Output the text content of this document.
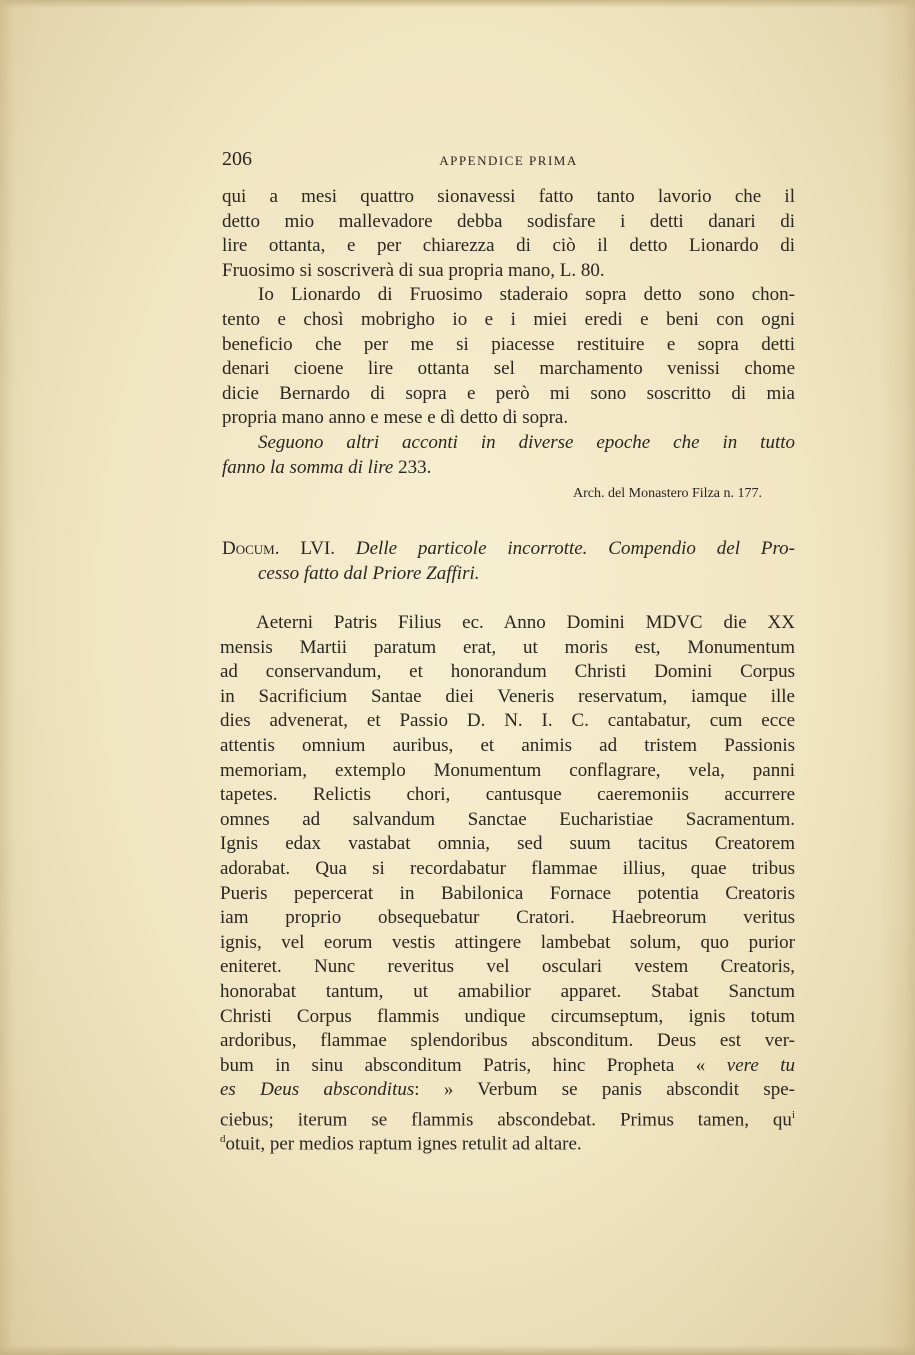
206	APPENDICE PRIMA
qui a mesi quattro sionavessi fatto tanto lavorio che il
detto mio mallevadore debba sodisfare i detti danari di
lire ottanta, e per chiarezza di ciò il detto Lionardo di
Fruosimo si soscriverà di sua propria mano, L. 80.
Io Lionardo di Fruosimo staderaio sopra detto sono chon-
tento e chosì mobrigho io e i miei eredi e beni con ogni
beneficio che per me si piacesse restituire e sopra detti
denari cioene lire ottanta sel marchamento venissi chome
dicie Bernardo di sopra e però mi sono soscritto di mia
propria mano anno e mese e dì detto di sopra.
Seguono altri acconti in diverse epoche che in tutto
fanno la somma di lire 233.
Arch. del Monastero Filza n. 177.
Docum. LVI. Delle particole incorrotte. Compendio del Pro-
cesso fatto dal Priore Zaffiri.
Aeterni Patris Filius ec. Anno Domini MDVC die XX
mensis Martii paratum erat, ut moris est, Monumentum
ad conservandum, et honorandum Christi Domini Corpus
in Sacrificium Santae diei Veneris reservatum, iamque ille
dies advenerat, et Passio D. N. I. C. cantabatur, cum ecce
attentis omnium auribus, et animis ad tristem Passionis
memoriam, extemplo Monumentum conflagrare, vela, panni
tapetes. Relictis chori, cantusque caeremoniis accurrere
omnes ad salvandum Sanctae Eucharistiae Sacramentum.
Ignis edax vastabat omnia, sed suum tacitus Creatorem
adorabat. Qua si recordabatur flammae illius, quae tribus
Pueris pepercerat in Babilonica Fornace potentia Creatoris
iam proprio obsequebatur Cratori. Haebreorum veritus
ignis, vel eorum vestis attingere lambebat solum, quo purior
eniteret. Nunc reveritus vel osculari vestem Creatoris,
honorabat tantum, ut amabilior apparet. Stabat Sanctum
Christi Corpus flammis undique circumseptum, ignis totum
ardoribus, flammae splendoribus absconditum. Deus est ver-
bum in sinu absconditum Patris, hinc Propheta « vere tu
es Deus absconditus: » Verbum se panis abscondit spe-
ciebus; iterum se flammis abscondebat. Primus tamen, $qu^i$
$^d$otuit, per medios raptum ignes retulit ad altare.
